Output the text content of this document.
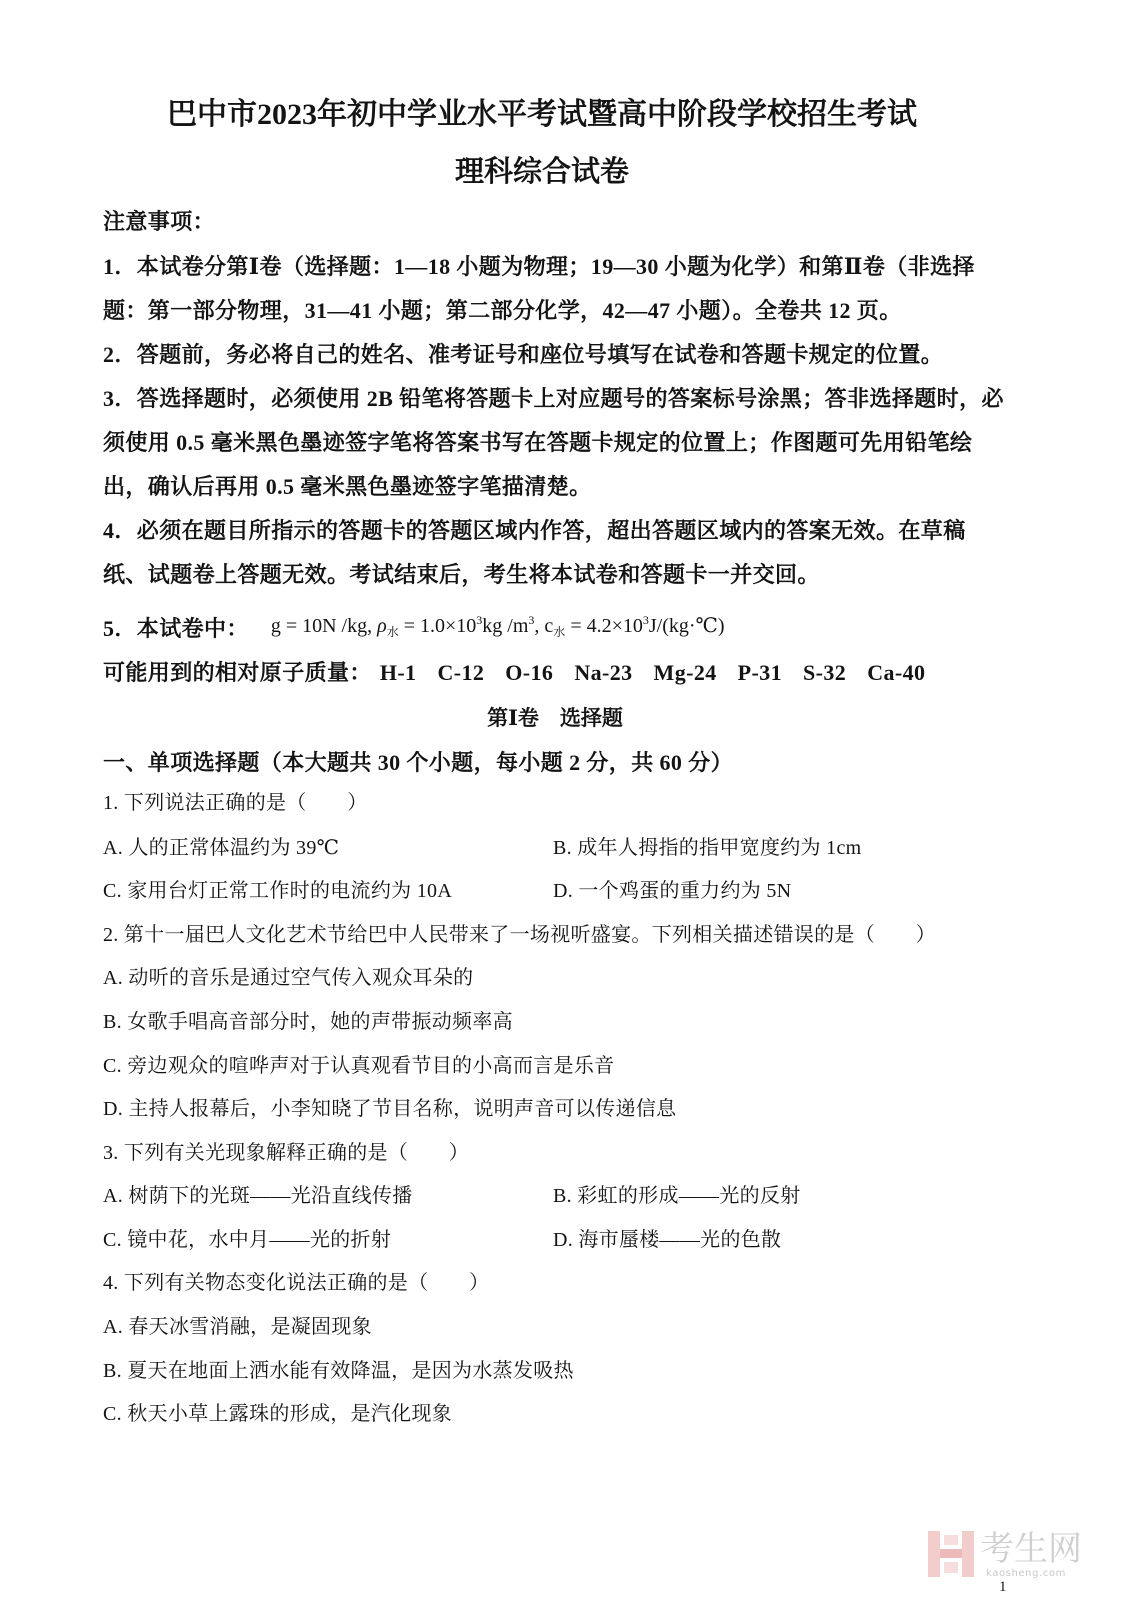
巴中市2023年初中学业水平考试暨高中阶段学校招生考试
理科综合试卷
注意事项：
1．本试卷分第Ⅰ卷（选择题：1—18 小题为物理；19—30 小题为化学）和第Ⅱ卷（非选择
题：第一部分物理，31—41 小题；第二部分化学，42—47 小题）。全卷共 12 页。
2．答题前，务必将自己的姓名、准考证号和座位号填写在试卷和答题卡规定的位置。
3．答选择题时，必须使用 2B 铅笔将答题卡上对应题号的答案标号涂黑；答非选择题时，必
须使用 0.5 毫米黑色墨迹签字笔将答案书写在答题卡规定的位置上；作图题可先用铅笔绘
出，确认后再用 0.5 毫米黑色墨迹签字笔描清楚。
4．必须在题目所指示的答题卡的答题区域内作答，超出答题区域内的答案无效。在草稿
纸、试题卷上答题无效。考试结束后，考生将本试卷和答题卡一并交回。
5．本试卷中： g = 10N /kg, $\rho_水 = 1.0\times 10^3kg$ $/m^3$, $c_水$ = $4.2\times 10^3J/(kg\cdot℃)$
可能用到的相对原子质量： H-1 C-12 O-16 Na-23 Mg-24 P-31 S-32 Ca-40
第Ⅰ卷　选择题
一、单项选择题（本大题共 30 个小题，每小题 2 分，共 60 分）
1. 下列说法正确的是（　　）
A. 人的正常体温约为 39℃	B. 成年人拇指的指甲宽度约为 1cm
C. 家用台灯正常工作时的电流约为 10A	D. 一个鸡蛋的重力约为 5N
2. 第十一届巴人文化艺术节给巴中人民带来了一场视听盛宴。下列相关描述错误的是（　　）
A. 动听的音乐是通过空气传入观众耳朵的
B. 女歌手唱高音部分时，她的声带振动频率高
C. 旁边观众的喧哗声对于认真观看节目的小高而言是乐音
D. 主持人报幕后，小李知晓了节目名称，说明声音可以传递信息
3. 下列有关光现象解释正确的是（　　）
A. 树荫下的光斑——光沿直线传播	B. 彩虹的形成——光的反射
C. 镜中花，水中月——光的折射	D. 海市蜃楼——光的色散
4. 下列有关物态变化说法正确的是（　　）
A. 春天冰雪消融，是凝固现象
B. 夏天在地面上洒水能有效降温，是因为水蒸发吸热
C. 秋天小草上露珠的形成，是汽化现象
考生网
kaosheng.com
1
